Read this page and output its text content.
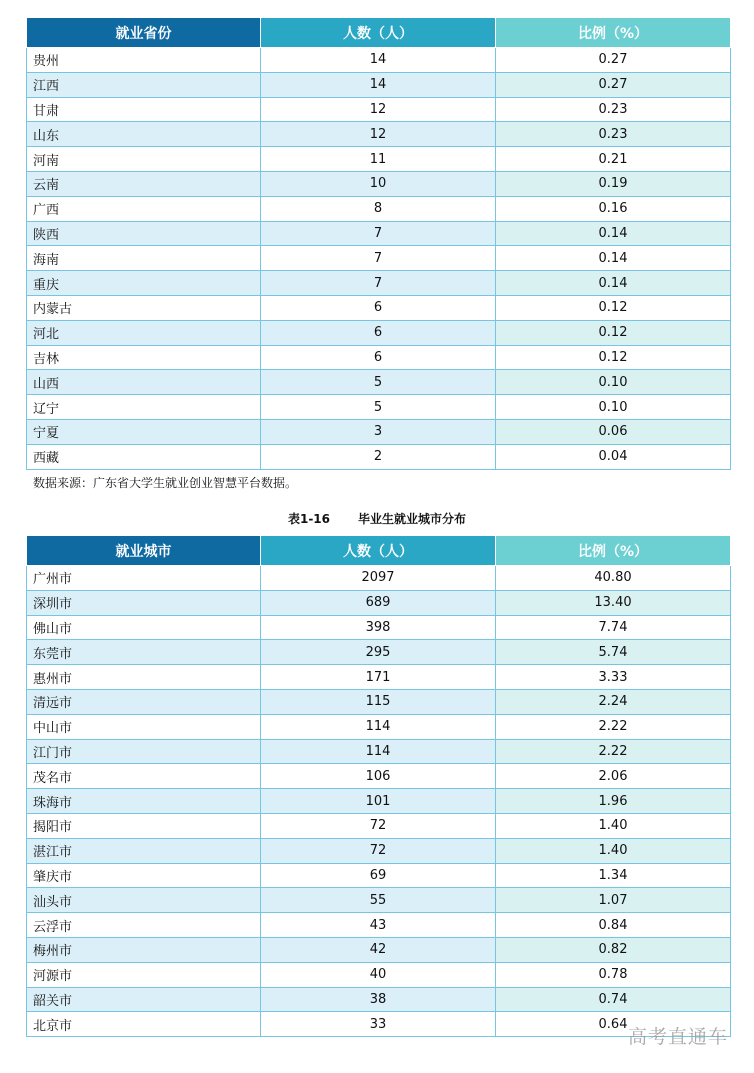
就业省份	人数（人）	比例（%）
贵州	14	0.27
江西	14	0.27
甘肃	12	0.23
山东	12	0.23
河南	11	0.21
云南	10	0.19
广西	8	0.16
陕西	7	0.14
海南	7	0.14
重庆	7	0.14
内蒙古	6	0.12
河北	6	0.12
吉林	6	0.12
山西	5	0.10
辽宁	5	0.10
宁夏	3	0.06
西藏	2	0.04
数据来源：广东省大学生就业创业智慧平台数据。
表1-16 毕业生就业城市分布
就业城市	人数（人）	比例（%）
广州市	2097	40.80
深圳市	689	13.40
佛山市	398	7.74
东莞市	295	5.74
惠州市	171	3.33
清远市	115	2.24
中山市	114	2.22
江门市	114	2.22
茂名市	106	2.06
珠海市	101	1.96
揭阳市	72	1.40
湛江市	72	1.40
肇庆市	69	1.34
汕头市	55	1.07
云浮市	43	0.84
梅州市	42	0.82
河源市	40	0.78
韶关市	38	0.74
北京市	33	0.64
高考直通车
